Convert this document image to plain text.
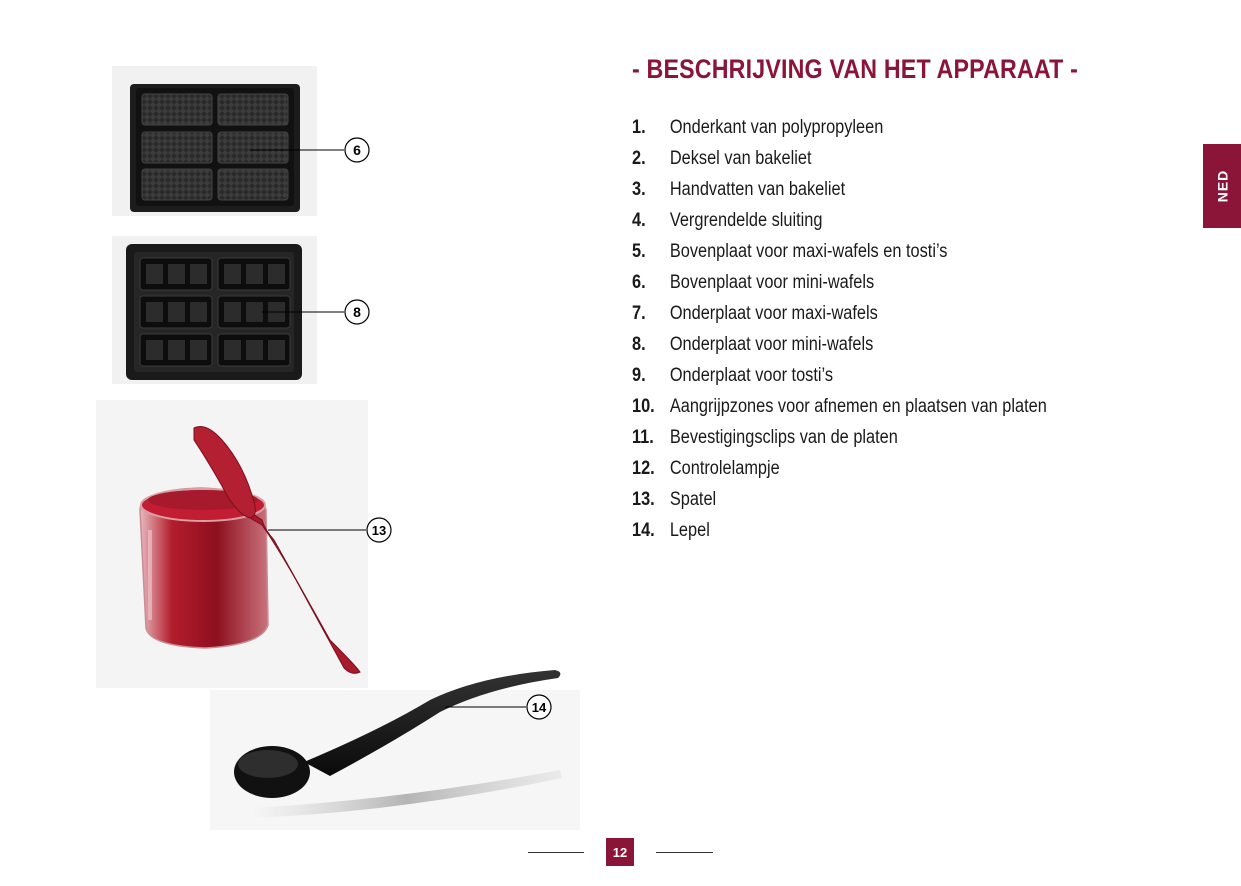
- BESCHRIJVING VAN HET APPARAAT -
1. Onderkant van polypropyleen
2. Deksel van bakeliet
3. Handvatten van bakeliet
4. Vergrendelde sluiting
5. Bovenplaat voor maxi-wafels en tosti’s
6. Bovenplaat voor mini-wafels
7. Onderplaat voor maxi-wafels
8. Onderplaat voor mini-wafels
9. Onderplaat voor tosti’s
10. Aangrijpzones voor afnemen en plaatsen van platen
11. Bevestigingsclips van de platen
12. Controlelampje
13. Spatel
14. Lepel
NED
6
8
13
14
12
